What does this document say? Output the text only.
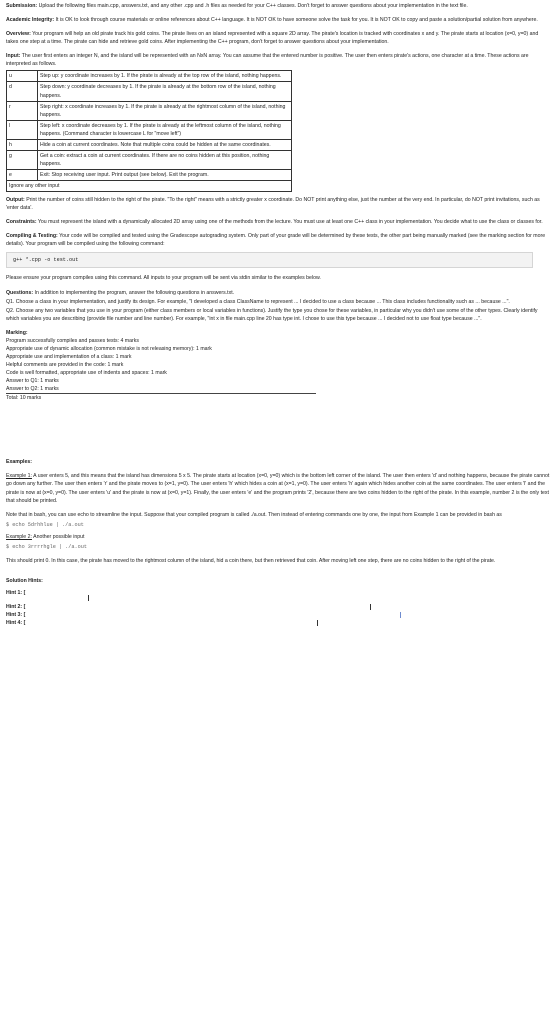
Submission: Upload the following files main.cpp, answers.txt, and any other .cpp and .h files as needed for your C++ classes. Don't forget to answer questions about your implementation in the text file.

Academic Integrity: It is OK to look through course materials or online references about C++ language. It is NOT OK to have someone solve the task for you. It is NOT OK to copy and paste a solution/partial solution from anywhere.

Overview: Your program will help an old pirate track his gold coins. The pirate lives on an island represented with a square 2D array. The pirate's location is tracked with coordinates x and y. The pirate starts at location (x=0, y=0) and takes one step at a time. The pirate can hide and retrieve gold coins. After implementing the C++ program, don't forget to answer questions about your implementation.

Input: The user first enters an integer N, and the island will be represented with an NxN array. You can assume that the entered number is positive. The user then enters pirate's actions, one character at a time. These actions are interpreted as follows.

u	Step up: y coordinate increases by 1. If the pirate is already at the top row of the island, nothing happens.
d	Step down: y coordinate decreases by 1. If the pirate is already at the bottom row of the island, nothing happens.
r	Step right: x coordinate increases by 1. If the pirate is already at the rightmost column of the island, nothing happens.
l	Step left: x coordinate decreases by 1. If the pirate is already at the leftmost column of the island, nothing happens. (Command character is lowercase L for "move left")
h	Hide a coin at current coordinates. Note that multiple coins could be hidden at the same coordinates.
g	Get a coin: extract a coin at current coordinates. If there are no coins hidden at this position, nothing happens.
e	Exit: Stop receiving user input. Print output (see below). Exit the program.
Ignore any other input	

Output: Print the number of coins still hidden to the right of the pirate. "To the right" means with a strictly greater x coordinate. Do NOT print anything else, just the number at the very end. In particular, do NOT print invitations, such as 'enter data'.

Constraints: You must represent the island with a dynamically allocated 2D array using one of the methods from the lecture. You must use at least one C++ class in your implementation. You decide what to use the class or classes for.

Compiling & Testing: Your code will be compiled and tested using the Gradescope autograding system. Only part of your grade will be determined by these tests, the other part being manually marked (see the marking section for more details). Your program will be compiled using the following command:

g++ *.cpp -o test.out

Please ensure your program compiles using this command. All inputs to your program will be sent via stdin similar to the examples below.

Questions: In addition to implementing the program, answer the following questions in answers.txt.

Q1. Choose a class in your implementation, and justify its design. For example, "I developed a class ClassName to represent ... I decided to use a class because ... This class includes functionality such as ... because ...".

Q2. Choose any two variables that you use in your program (either class members or local variables in functions). Justify the type you chose for these variables, in particular why you didn't use some of the other types. Clearly identify which variables you are describing (provide file number and line number). For example, "int x in file main.cpp line 20 has type int. I chose to use this type because ... I decided not to use float type because ...".

Marking:
Program successfully compiles and passes tests: 4 marks
Appropriate use of dynamic allocation (common mistake is not releasing memory): 1 mark
Appropriate use and implementation of a class: 1 mark
Helpful comments are provided in the code: 1 mark
Code is well formatted, appropriate use of indents and spaces: 1 mark
Answer to Q1: 1 marks
Answer to Q2: 1 marks
Total: 10 marks
Examples:

Example 1: A user enters 5, and this means that the island has dimensions 5 x 5. The pirate starts at location (x=0, y=0) which is the bottom left corner of the island. The user then enters 'd' and nothing happens, because the pirate cannot go down any further. The user then enters 'r' and the pirate moves to (x=1, y=0). The user enters 'h' which hides a coin at (x=1, y=0). The user enters 'h' again which hides another coin at the same coordinates. The user enters 'l' and the pirate is now at (x=0, y=0). The user enters 'u' and the pirate is now at (x=0, y=1). Finally, the user enters 'e' and the program prints '2', because there are two coins hidden to the right of the pirate. In this example, number 2 is the only text that should be printed.

Note that in bash, you can use echo to streamline the input. Suppose that your compiled program is called ./a.out. Then instead of entering commands one by one, the input from Example 1 can be provided in bash as

$ echo 5drhhlue | ./a.out

Example 2: Another possible input

$ echo 3rrrrhgle | ./a.out

This should print 0. In this case, the pirate has moved to the rightmost column of the island, hid a coin there, but then retrieved that coin. After moving left one step, there are no coins hidden to the right of the pirate.

Solution Hints:
Hint 1: [
Hint 2: [
Hint 3: [
Hint 4: [
